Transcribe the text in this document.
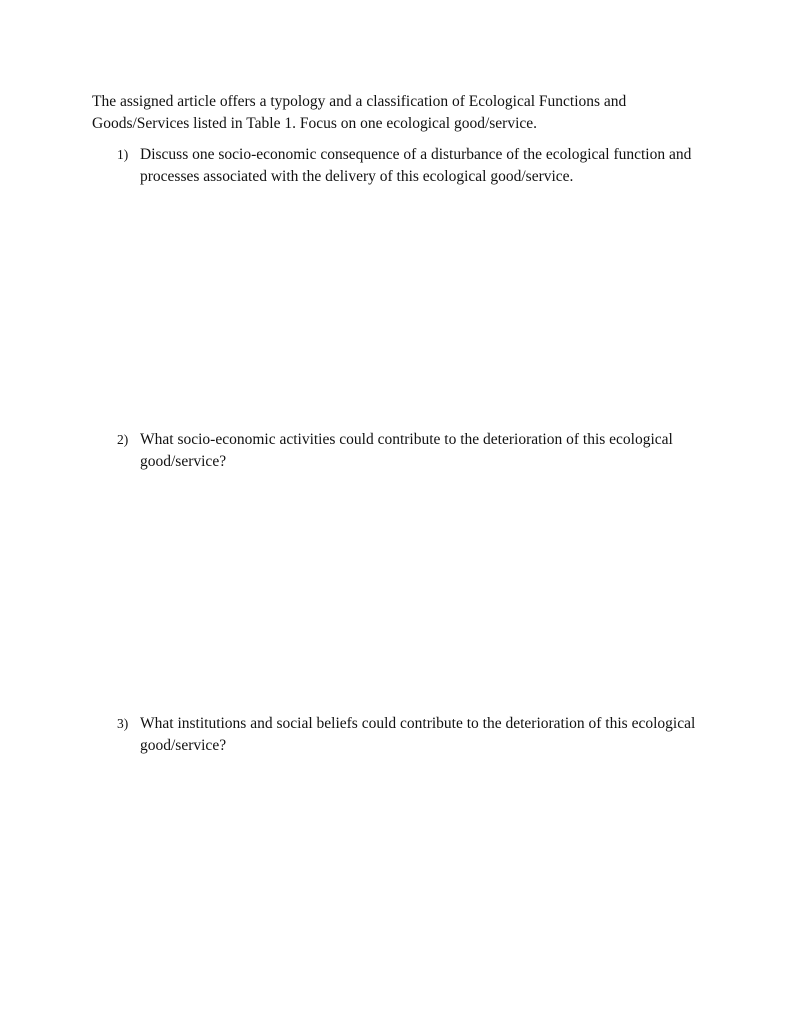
The assigned article offers a typology and a classification of Ecological Functions and Goods/Services listed in Table 1. Focus on one ecological good/service.

1) Discuss one socio-economic consequence of a disturbance of the ecological function and processes associated with the delivery of this ecological good/service.
2) What socio-economic activities could contribute to the deterioration of this ecological good/service?
3) What institutions and social beliefs could contribute to the deterioration of this ecological good/service?
